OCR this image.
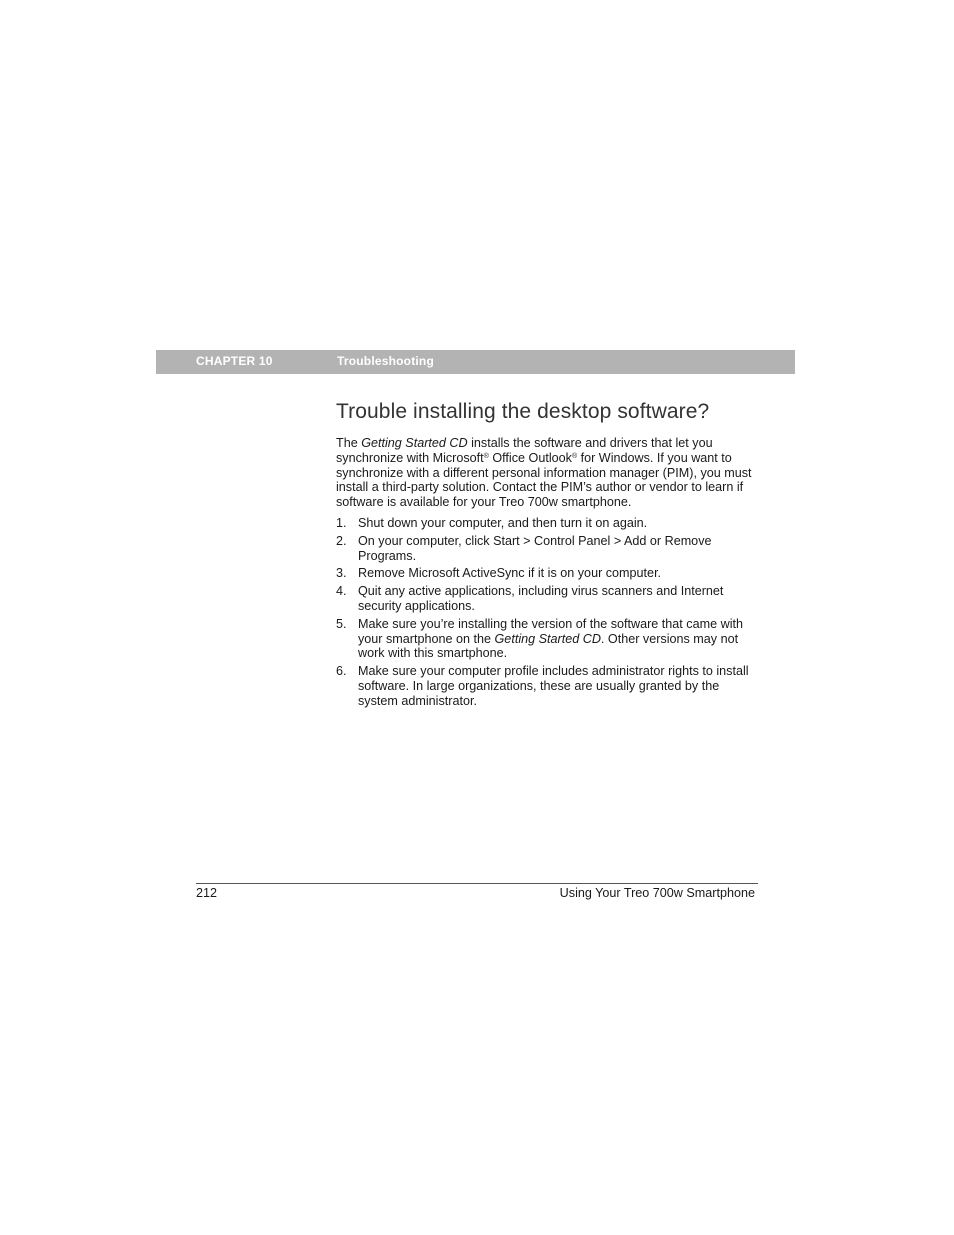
CHAPTER 10	Troubleshooting
Trouble installing the desktop software?

The Getting Started CD installs the software and drivers that let you synchronize with Microsoft® Office Outlook® for Windows. If you want to synchronize with a different personal information manager (PIM), you must install a third-party solution. Contact the PIM’s author or vendor to learn if software is available for your Treo 700w smartphone.

1. Shut down your computer, and then turn it on again.
2. On your computer, click Start > Control Panel > Add or Remove Programs.
3. Remove Microsoft ActiveSync if it is on your computer.
4. Quit any active applications, including virus scanners and Internet security applications.
5. Make sure you’re installing the version of the software that came with your smartphone on the Getting Started CD. Other versions may not work with this smartphone.
6. Make sure your computer profile includes administrator rights to install software. In large organizations, these are usually granted by the system administrator.
212	Using Your Treo 700w Smartphone
